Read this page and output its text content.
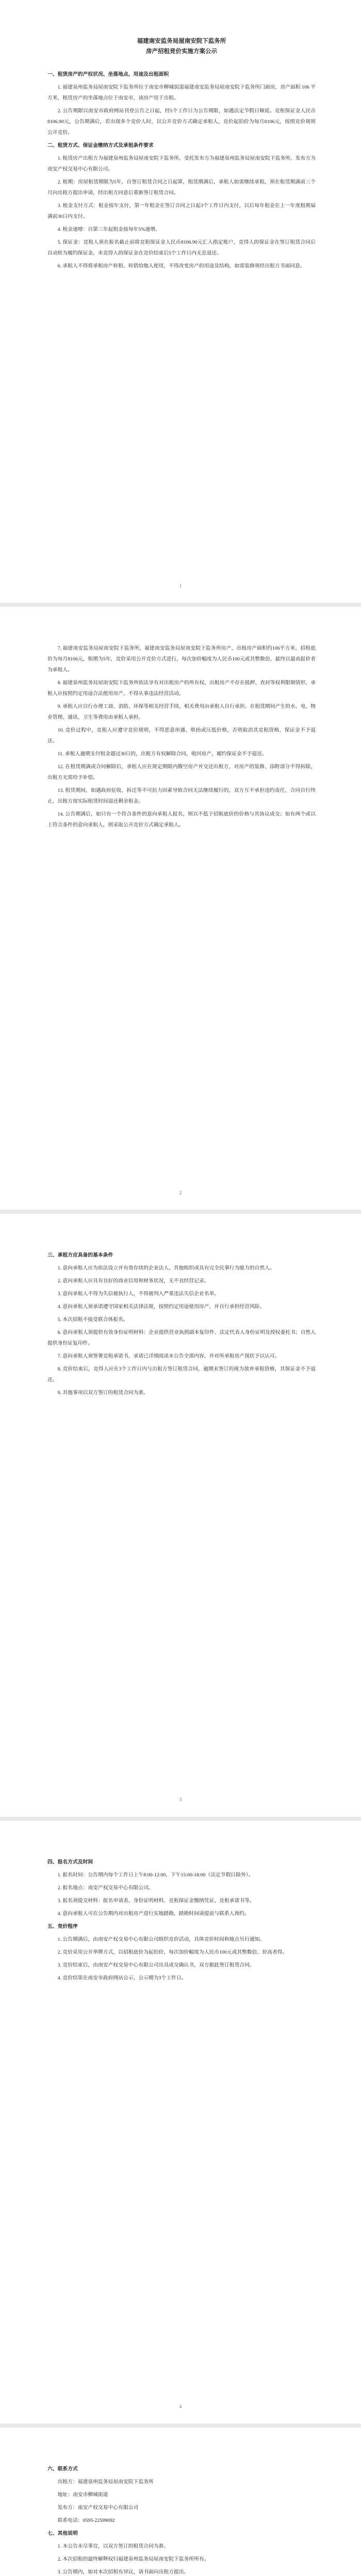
福建南安监务局屋南安院下监务所

房产招租竞价实施方案公示

一、租赁房产的产权状况、坐落地点、用途及出租面积

1. 福建泉州监务局屋南安院下监务所位于南安市柳城街道福建南安监务局屋南安院下监务所门面房，房产面积 106 平方米，租赁房产的坐落地点位于南安市，该房产用于出租。

2. 公告期限以南安市政府网站刊登公告之日起，经5个工作日为公告期限，如遇法定节假日顺延。竞租保证金人民币8106.90元，公告期满后，若出现多个竞价人时，以公开竞价方式确定承租人，竞价起拍价为每月8106元，按照竞价规则公开竞价。

二、租赁方式、保证金缴纳方式及承租条件要求

1. 租赁房产出租方为福建泉州监务局屋南安院下监务所，受托发布方为福建泉州监务局屋南安院下监务所，发布方为南安产权交易中心有限公司。

2. 租期：房屋租赁期限为5年，自签订租赁合同之日起算，租赁期满后，承租人如需继续承租，须在租赁期满前三个月向出租方提出申请，经出租方同意后重新签订租赁合同。

3. 租金支付方式：租金按年支付，第一年租金在签订合同之日起3个工作日内支付，以后每年租金在上一年度租期届满前30日内支付。

4. 租金递增：自第三年起租金按每年5%递增。

5. 保证金：竞租人须在报名截止前将竞租保证金人民币8106.90元汇入指定账户，竞得人的保证金在签订租赁合同后自动转为履约保证金，未竞得人的保证金在竞价结束后5个工作日内无息退还。

6. 承租人不得将承租房产转租、转借给他人使用，不得改变房产的用途及结构，如需装修须经出租方书面同意。

1

7. 福建南安监务局屋南安院下监务所，福建南安监务局屋南安院下监务所房产，出租房产面积约106平方米，招租底价为每月8106元，租期为5年，竞价采用公开竞价方式进行，每次加价幅度为人民币100元或其整数倍，最终以最高报价者为承租人。

8. 福建泉州监务局屋南安院下监务所依法享有对出租房产的所有权，出租房产不存在抵押、查封等权利限制情形，承租人应按照约定用途合法使用房产，不得从事违法经营活动。

9. 承租人应自行办理工商、消防、环保等相关经营手续，相关费用由承租人自行承担。在租赁期间产生的水、电、物业管理、通讯、卫生等费用由承租人承担。

10. 竞价过程中，竞租人应遵守竞价规则，不得恶意串通、哄抬或压低价格，否则取消其竞租资格，保证金不予退还。

11. 承租人逾期支付租金超过30日的，出租方有权解除合同，收回房产，履约保证金不予退还。

12. 在租赁期满或合同解除后，承租人应在规定期限内腾空房产并交还出租方，对房产的装修、添附部分不得拆除，出租方无需给予补偿。

13. 租赁期间，如遇政府征收、拆迁等不可抗力因素导致合同无法继续履行的，双方互不承担违约责任，合同自行终止，出租方按实际租赁时间退还剩余租金。

14. 公告期满后，如只有一个符合条件的意向承租人报名，则以不低于招租底价的价格与其协议成交；如有两个或以上符合条件的意向承租人，则采取公开竞价方式确定承租人。

2

三、承租方应具备的基本条件

1. 意向承租人应为依法设立并有效存续的企业法人、其他组织或具有完全民事行为能力的自然人。

2. 意向承租人应具有良好的商业信用和财务状况，无不良经营记录。

3. 意向承租人不得为失信被执行人，不得被列入严重违法失信企业名单。

4. 意向承租人须承诺遵守国家相关法律法规，按照约定用途使用房产，并自行承担经营风险。

5. 本次招租不接受联合体报名。

6. 意向承租人须提供有效身份证明材料：企业提供营业执照副本复印件、法定代表人身份证明及授权委托书；自然人提供身份证复印件。

7. 意向承租人须签署竞租承诺书，承诺已详细阅读本公告全部内容，并对所承租房产现状予以认可。

8. 竞价结束后，竞得人应在3个工作日内与出租方签订租赁合同，逾期未签订的视为放弃承租资格，其保证金不予退还。

9. 其他事项以双方签订的租赁合同为准。

3

四、报名方式及时间

1. 报名时间：公告期内每个工作日上午8:00-12:00，下午15:00-18:00（法定节假日除外）。

2. 报名地点：南安产权交易中心有限公司。

3. 报名须提交材料：报名申请表、身份证明材料、竞租保证金缴纳凭证、竞租承诺书等。

4. 意向承租人可在公告期内对出租房产进行实地踏勘，踏勘时间请提前与联系人预约。

五、竞价程序

1. 公告期满后，由南安产权交易中心有限公司组织竞价活动，具体竞价时间和地点另行通知。

2. 竞价采用公开举牌方式，以招租底价为起拍价，每次加价幅度为人民币100元或其整数倍，价高者得。

3. 竞价结束后，由南安产权交易中心有限公司出具成交确认书，双方据此签订租赁合同。

4. 竞价结果在南安市政府网站公示，公示期为3个工作日。

4

六、联系方式

出租方：福建泉州监务局屋南安院下监务所

地址：南安市柳城街道

发布方：南安产权交易中心有限公司

联系电话：0595-22599092

七、其他说明

1. 本公告未尽事宜，以双方签订的租赁合同为准。

2. 本次招租的最终解释权归福建泉州监务局屋南安院下监务所所有。

3. 公告期内，如对本次招租有异议，请书面向出租方提出。
